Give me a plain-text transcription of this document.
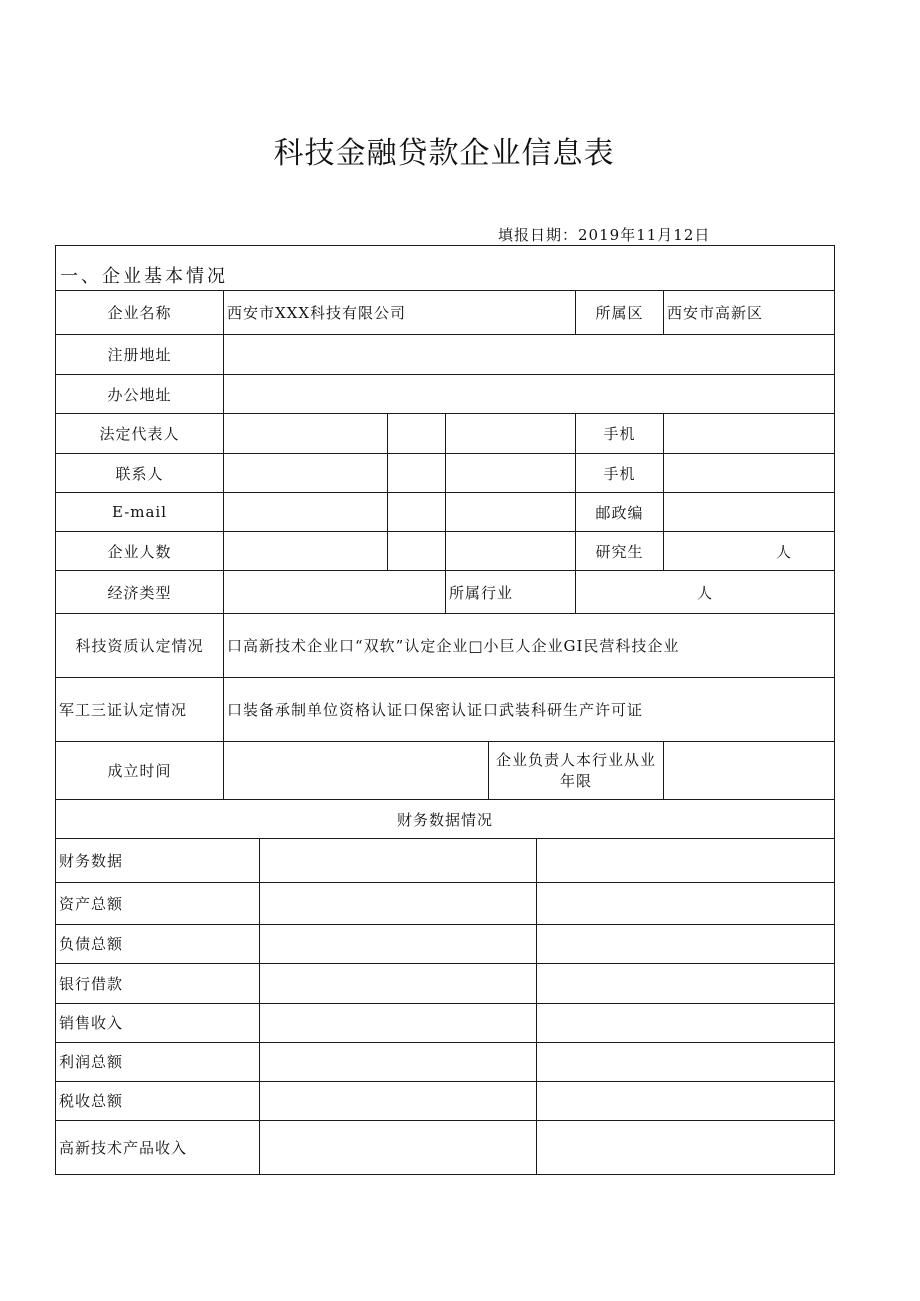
科技金融贷款企业信息表
填报日期：2019年11月12日
一、企业基本情况						
企业名称	西安市XXX科技有限公司				所属区	西安市高新区
注册地址						
办公地址						
法定代表人					手机	
联系人					手机	
E-mail					邮政编	
企业人数					研究生	人
经济类型			所属行业		人	
科技资质认定情况	口高新技术企业口“双软”认定企业□小巨人企业GI民营科技企业					
军工三证认定情况	口装备承制单位资格认证口保密认证口武装科研生产许可证					
成立时间				企业负责人本行业从业年限		
财务数据情况						
财务数据		
资产总额		
负债总额		
银行借款		
销售收入		
利润总额		
税收总额		
高新技术产品收入		
